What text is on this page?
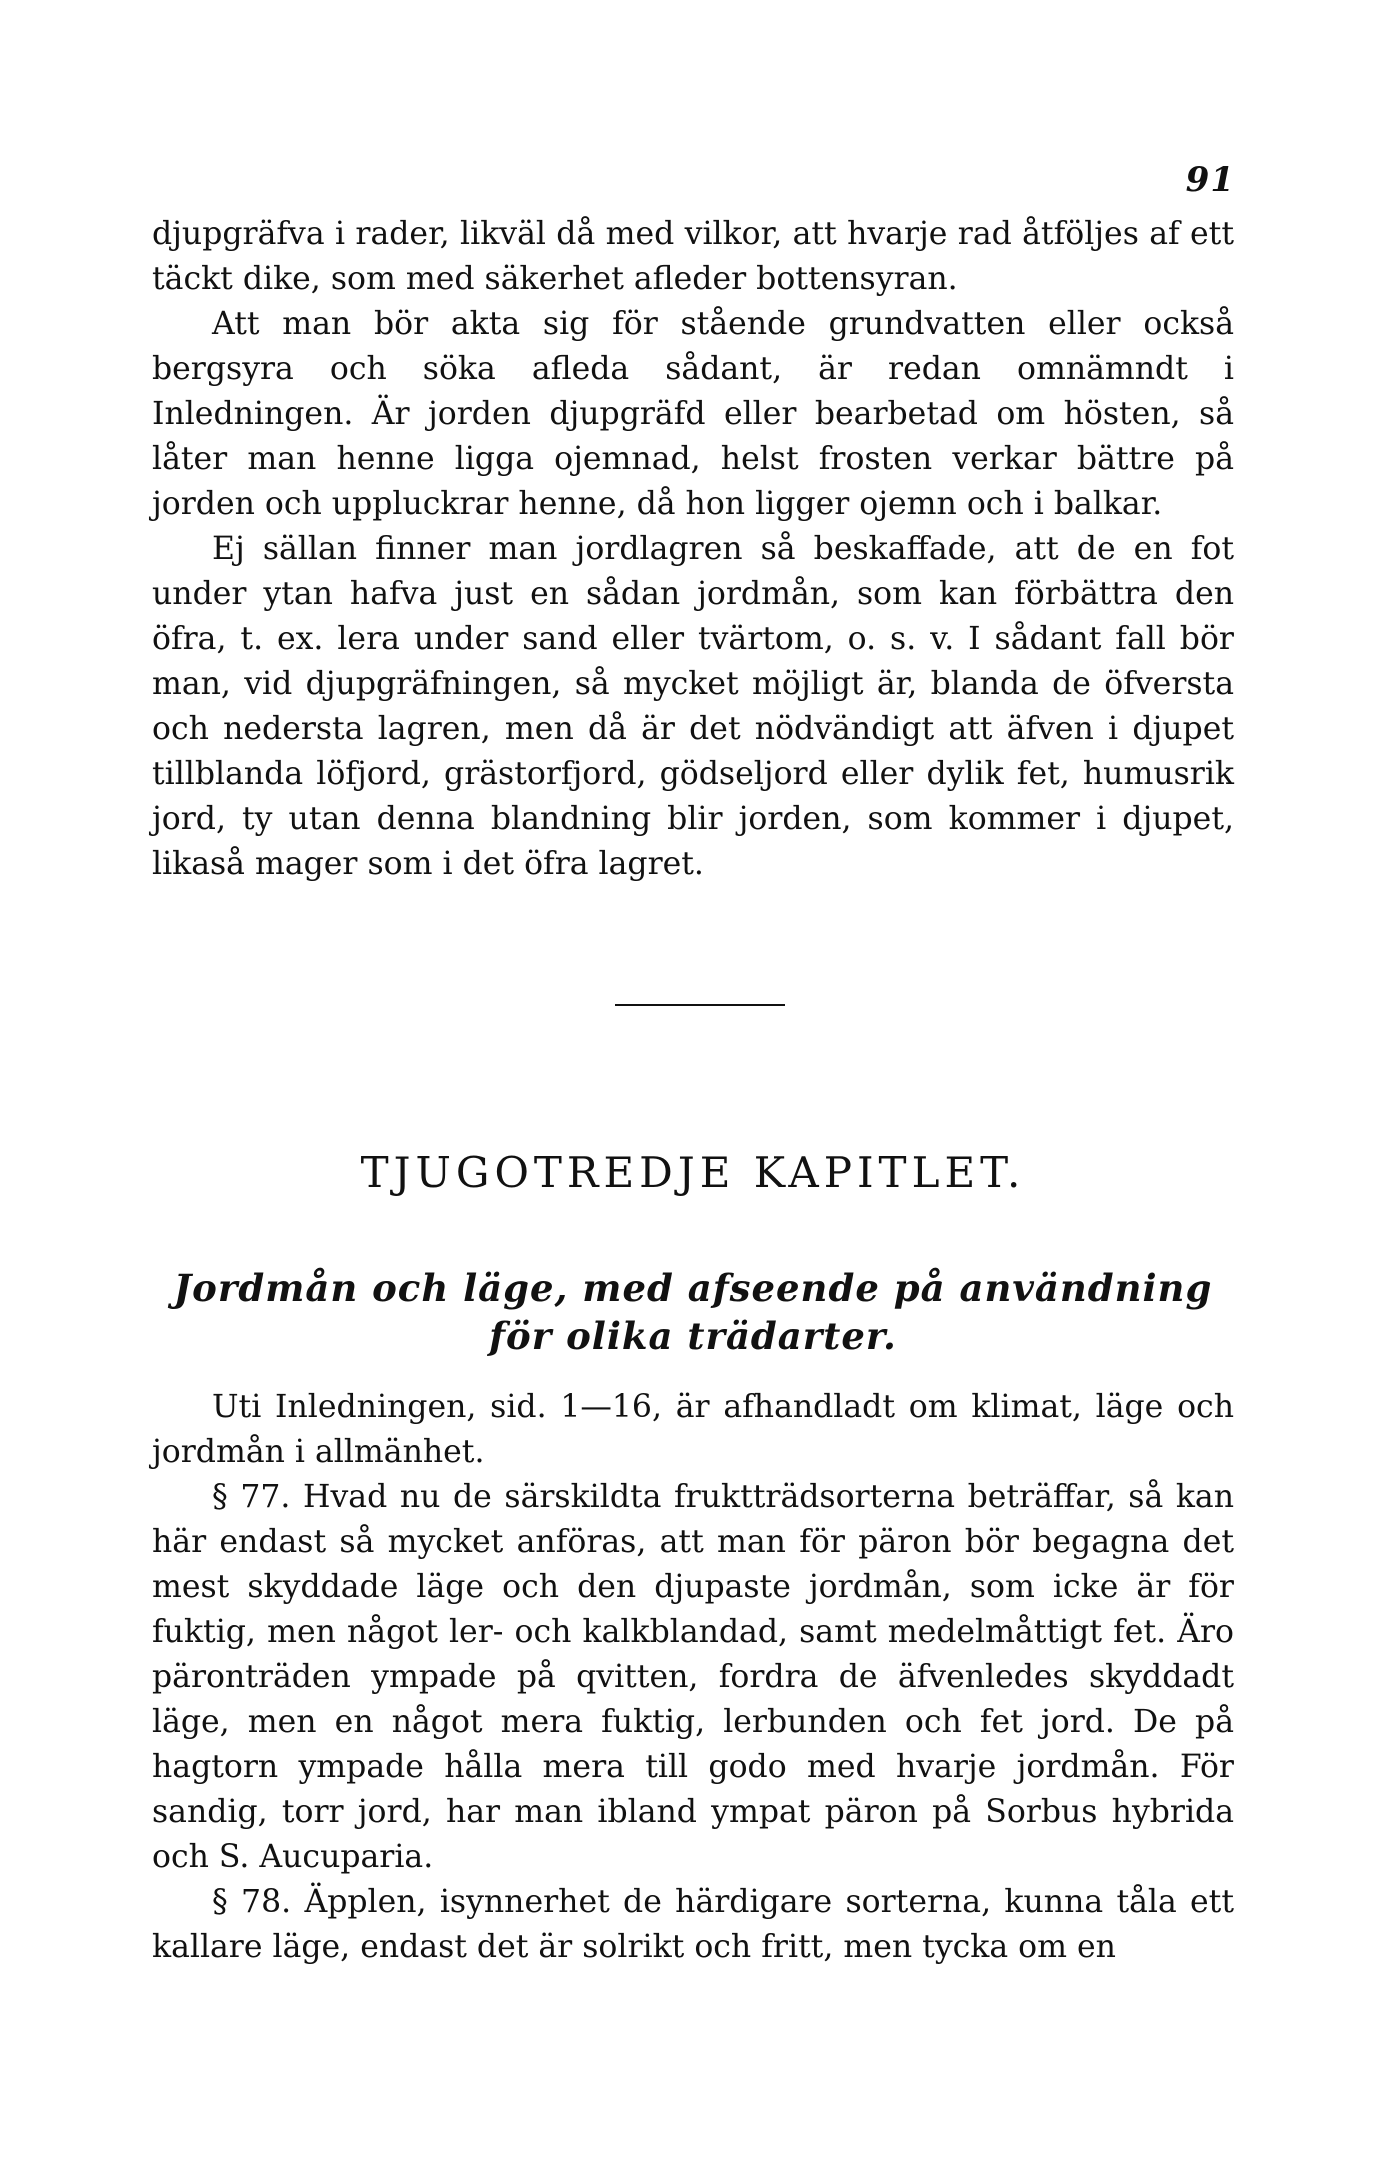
91

djupgräfva i rader, likväl då med vilkor, att hvarje rad åtföljes af ett täckt dike, som med säkerhet afleder bottensyran.

Att man bör akta sig för stående grundvatten eller också bergsyra och söka afleda sådant, är redan omnämndt i Inledningen. Är jorden djupgräfd eller bearbetad om hösten, så låter man henne ligga ojemnad, helst frosten verkar bättre på jorden och uppluckrar henne, då hon ligger ojemn och i balkar.

Ej sällan finner man jordlagren så beskaffade, att de en fot under ytan hafva just en sådan jordmån, som kan förbättra den öfra, t. ex. lera under sand eller tvärtom, o. s. v. I sådant fall bör man, vid djupgräfningen, så mycket möjligt är, blanda de öfversta och nedersta lagren, men då är det nödvändigt att äfven i djupet tillblanda löfjord, grästorfjord, gödseljord eller dylik fet, humusrik jord, ty utan denna blandning blir jorden, som kommer i djupet, likaså mager som i det öfra lagret.

TJUGOTREDJE KAPITLET.
Jordmån och läge, med afseende på användning för olika trädarter.

Uti Inledningen, sid. 1—16, är afhandladt om klimat, läge och jordmån i allmänhet.

§ 77. Hvad nu de särskildta fruktträdsorterna beträffar, så kan här endast så mycket anföras, att man för päron bör begagna det mest skyddade läge och den djupaste jordmån, som icke är för fuktig, men något ler- och kalkblandad, samt medelmåttigt fet. Äro päronträden ympade på qvitten, fordra de äfvenledes skyddadt läge, men en något mera fuktig, lerbunden och fet jord. De på hagtorn ympade hålla mera till godo med hvarje jordmån. För sandig, torr jord, har man ibland ympat päron på Sorbus hybrida och S. Aucuparia.

§ 78. Äpplen, isynnerhet de härdigare sorterna, kunna tåla ett kallare läge, endast det är solrikt och fritt, men tycka om en
